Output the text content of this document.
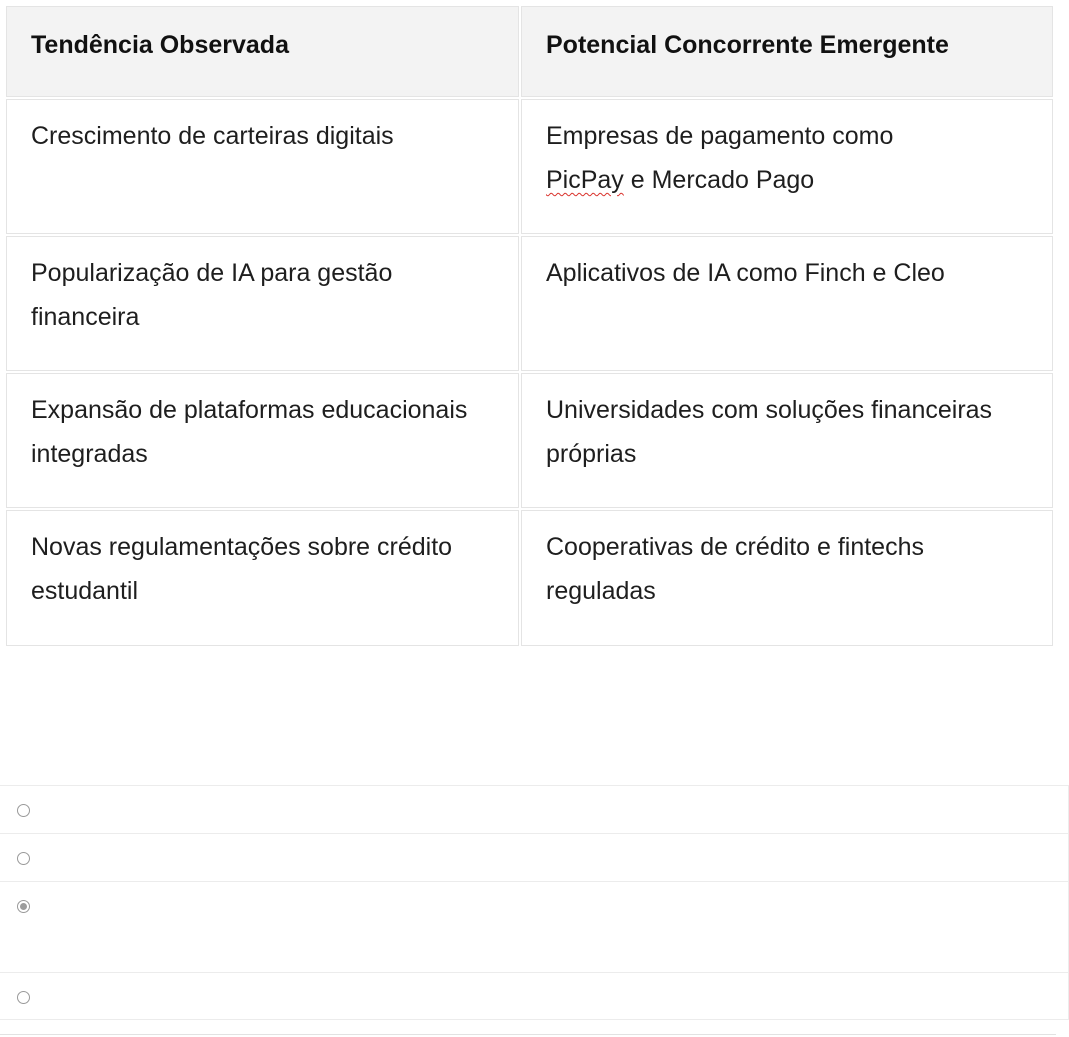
Tendência Observada	Potencial Concorrente Emergente
Crescimento de carteiras digitais	Empresas de pagamento como
PicPay e Mercado Pago
Popularização de IA para gestão financeira	Aplicativos de IA como Finch e Cleo
Expansão de plataformas educacionais integradas	Universidades com soluções financeiras próprias
Novas regulamentações sobre crédito estudantil	Cooperativas de crédito e fintechs reguladas
